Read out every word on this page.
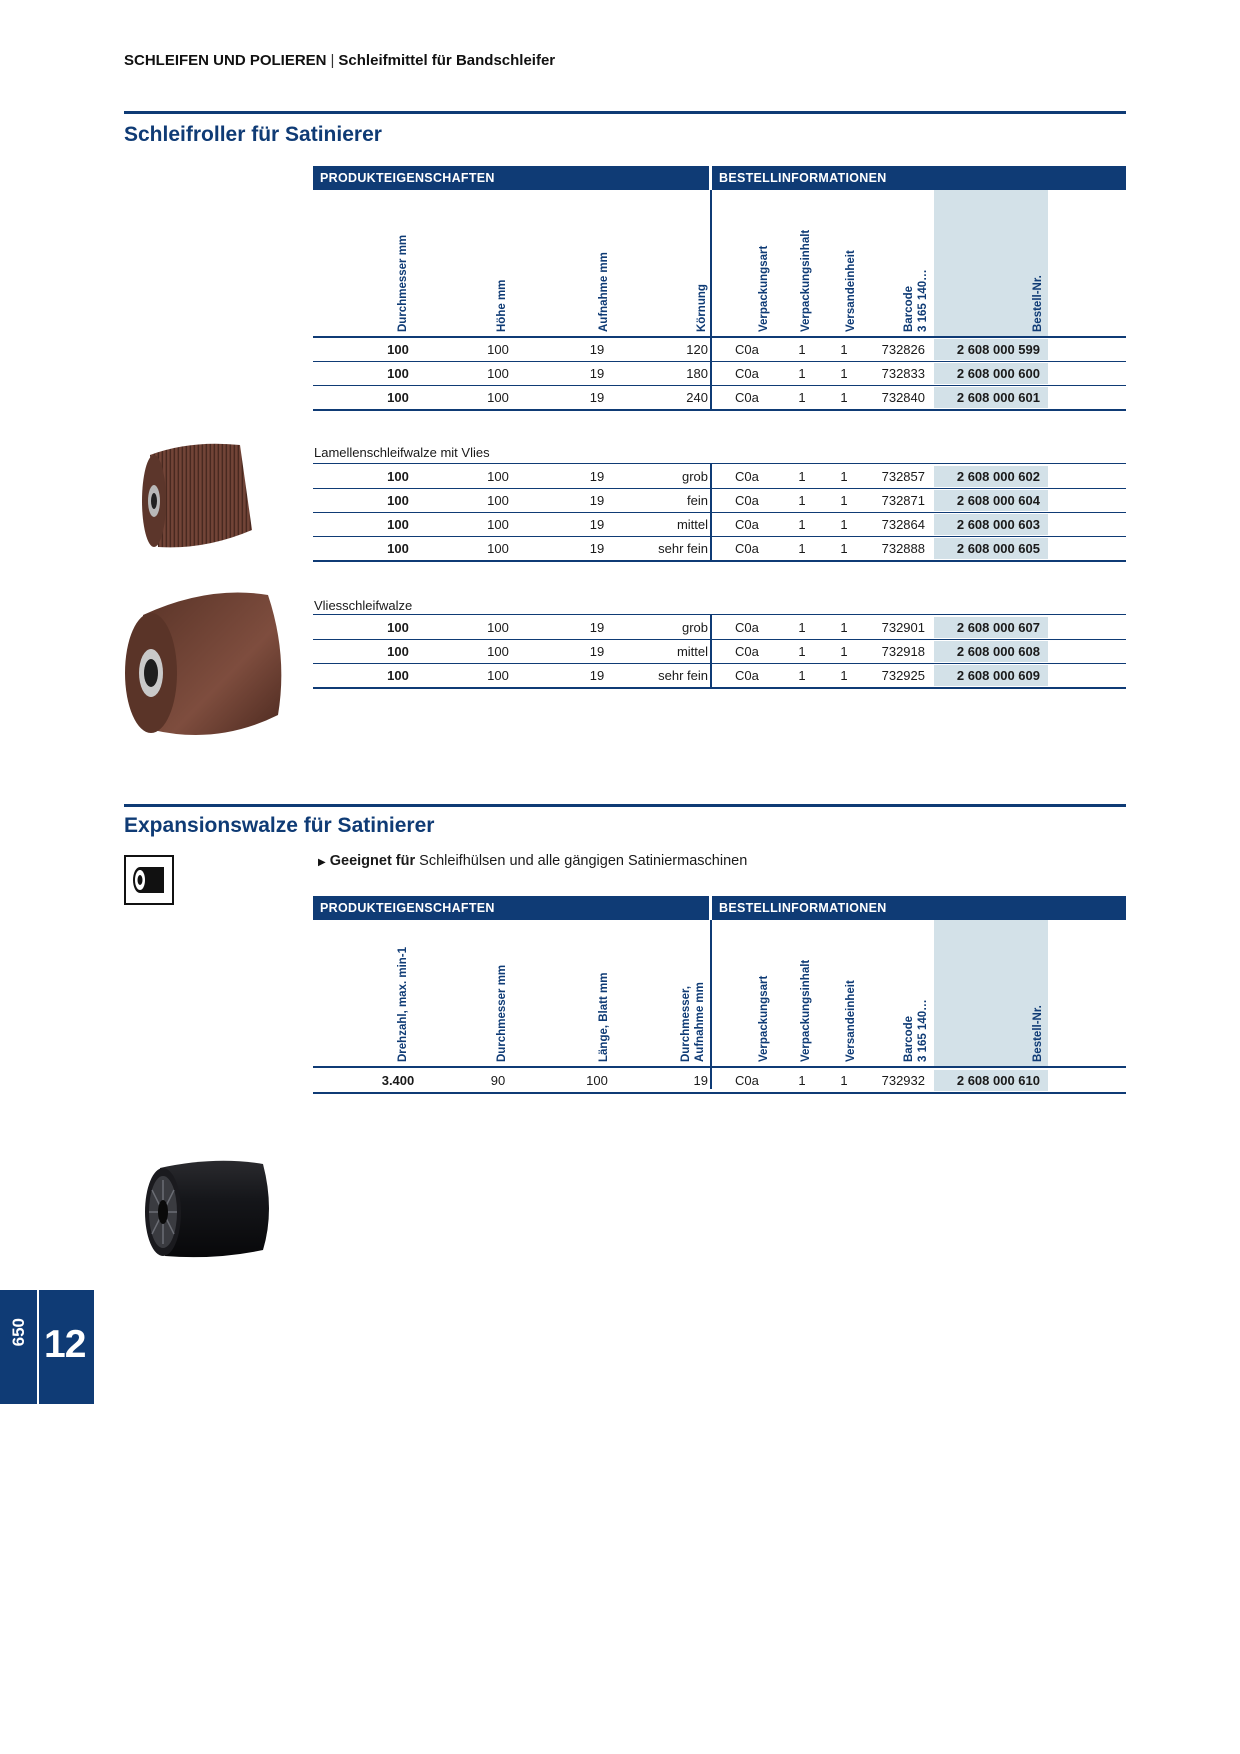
SCHLEIFEN UND POLIEREN | Schleifmittel für Bandschleifer
Schleifroller für Satinierer
PRODUKTEIGENSCHAFTEN	BESTELLINFORMATIONEN
Durchmesser mm	Höhe mm	Aufnahme mm	Körnung	Verpackungsart	Verpackungsinhalt	Versandeinheit	Barcode 3 165 140…	Bestell-Nr.
100	100	19	120 C0a	1	1	732826	2 608 000 599
100	100	19	180 C0a	1	1	732833	2 608 000 600
100	100	19	240 C0a	1	1	732840	2 608 000 601
Lamellenschleifwalze mit Vlies
100	100	19	grob C0a	1	1	732857	2 608 000 602
100	100	19	fein C0a	1	1	732871	2 608 000 604
100	100	19	mittel C0a	1	1	732864	2 608 000 603
100	100	19	sehr fein C0a	1	1	732888	2 608 000 605
Vliesschleifwalze
100	100	19	grob C0a	1	1	732901	2 608 000 607
100	100	19	mittel C0a	1	1	732918	2 608 000 608
100	100	19	sehr fein C0a	1	1	732925	2 608 000 609
Expansionswalze für Satinierer
▶ Geeignet für Schleifhülsen und alle gängigen Satiniermaschinen
PRODUKTEIGENSCHAFTEN	BESTELLINFORMATIONEN
Drehzahl, max. min-1	Durchmesser mm	Länge, Blatt mm	Durchmesser, Aufnahme mm	Verpackungsart	Verpackungsinhalt	Versandeinheit	Barcode 3 165 140…	Bestell-Nr.
3.400	90	100	19 C0a	1	1	732932	2 608 000 610
650 12
